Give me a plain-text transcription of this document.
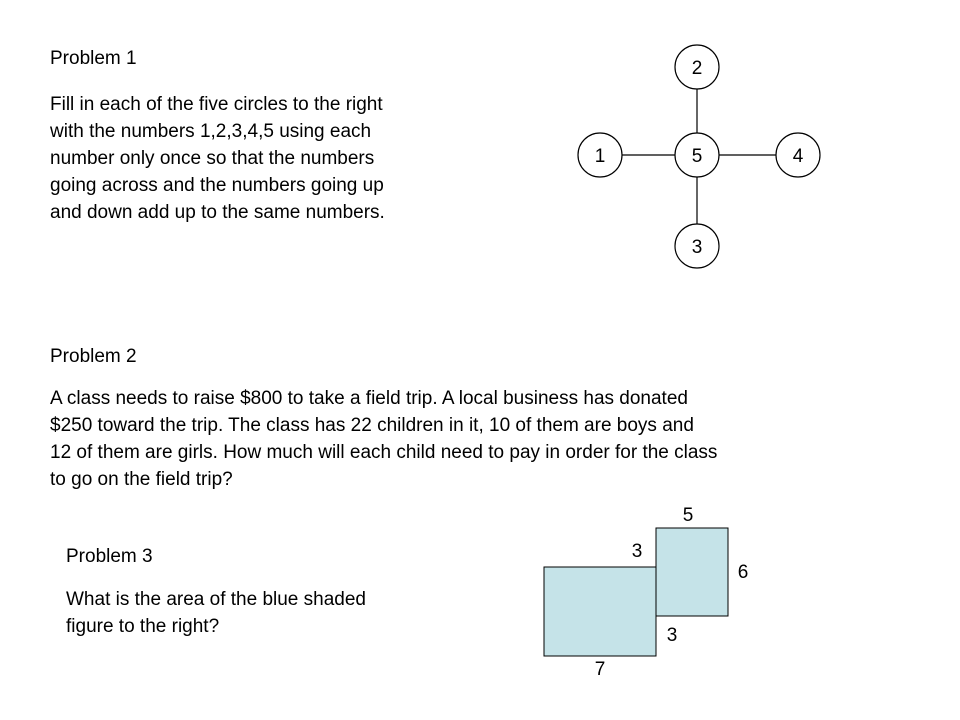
Problem 1

Fill in each of the five circles to the right
with the numbers 1,2,3,4,5 using each
number only once so that the numbers
going across and the numbers going up
and down add up to the same numbers.

Problem 2

A class needs to raise $800 to take a field trip. A local business has donated
$250 toward the trip. The class has 22 children in it, 10 of them are boys and
12 of them are girls. How much will each child need to pay in order for the class
to go on the field trip?

Problem 3

What is the area of the blue shaded
figure to the right?

2
1	5	4
3
5
3
6
3
7
